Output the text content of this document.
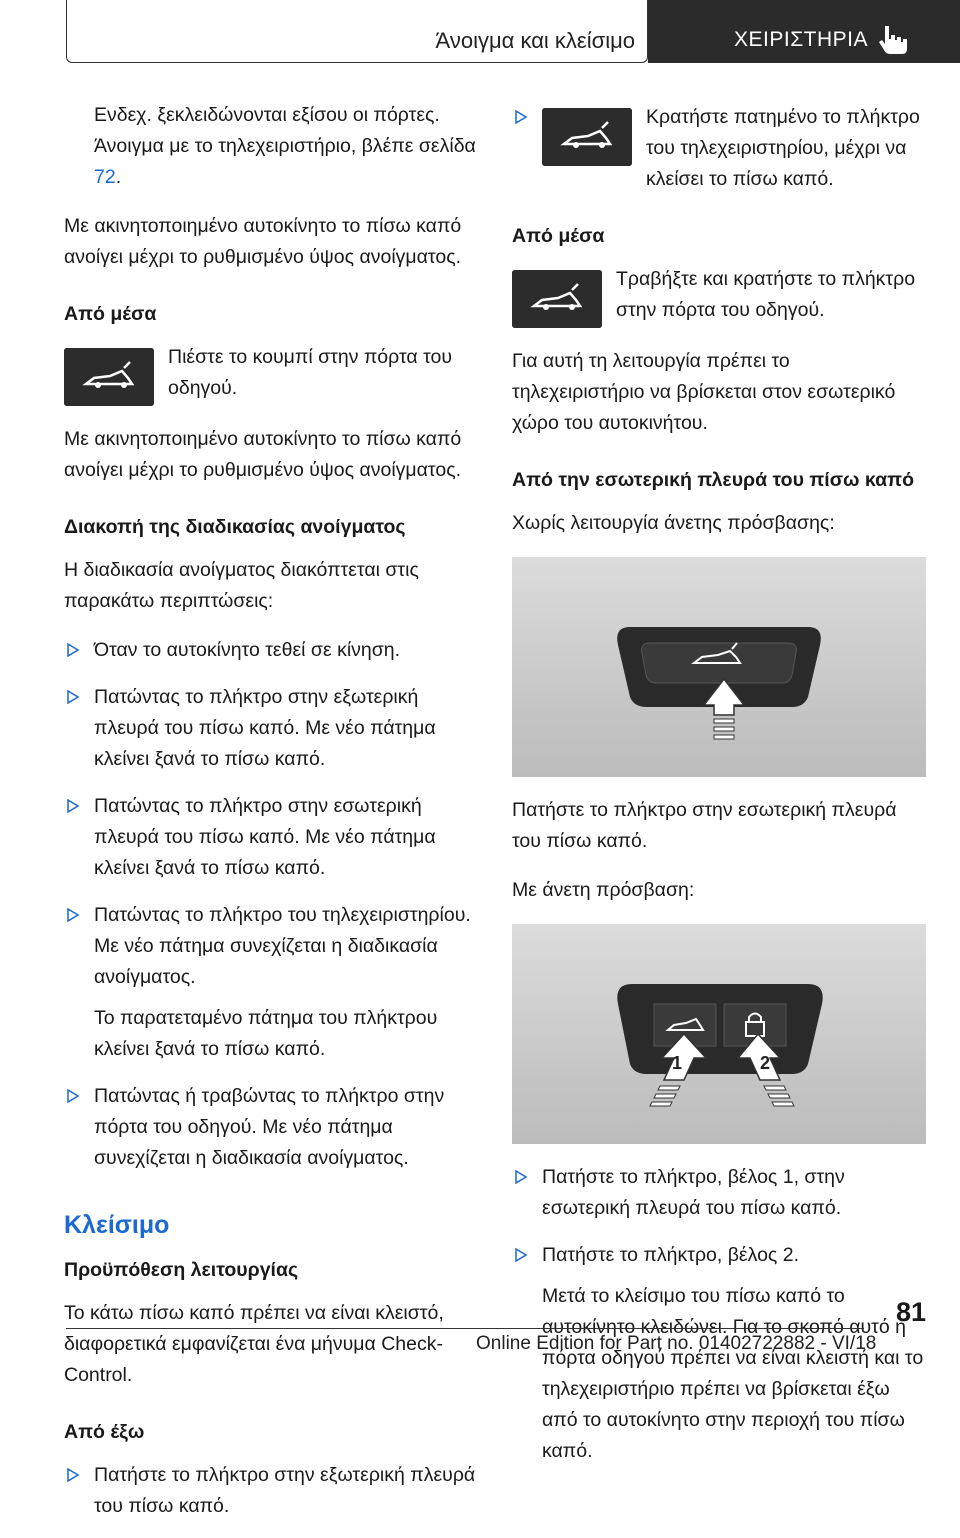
Άνοιγμα και κλείσιμο	ΧΕΙΡΙΣΤΗΡΙΑ

Ενδεχ. ξεκλειδώνονται εξίσου οι πόρτες. Άνοιγμα με το τηλεχειριστήριο, βλέπε σελίδα 72.

Με ακινητοποιημένο αυτοκίνητο το πίσω καπό ανοίγει μέχρι το ρυθμισμένο ύψος ανοίγματος.

Από μέσα
Πιέστε το κουμπί στην πόρτα του οδηγού.

Με ακινητοποιημένο αυτοκίνητο το πίσω καπό ανοίγει μέχρι το ρυθμισμένο ύψος ανοίγματος.

Διακοπή της διαδικασίας ανοίγματος

Η διαδικασία ανοίγματος διακόπτεται στις παρακάτω περιπτώσεις:

Όταν το αυτοκίνητο τεθεί σε κίνηση.
Πατώντας το πλήκτρο στην εξωτερική πλευρά του πίσω καπό. Με νέο πάτημα κλείνει ξανά το πίσω καπό.
Πατώντας το πλήκτρο στην εσωτερική πλευρά του πίσω καπό. Με νέο πάτημα κλείνει ξανά το πίσω καπό.
Πατώντας το πλήκτρο του τηλεχειριστηρίου. Με νέο πάτημα συνεχίζεται η διαδικασία ανοίγματος.
Το παρατεταμένο πάτημα του πλήκτρου κλείνει ξανά το πίσω καπό.
Πατώντας ή τραβώντας το πλήκτρο στην πόρτα του οδηγού. Με νέο πάτημα συνεχίζεται η διαδικασία ανοίγματος.
Κλείσιμο
Προϋπόθεση λειτουργίας

Το κάτω πίσω καπό πρέπει να είναι κλειστό, διαφορετικά εμφανίζεται ένα μήνυμα Check-Control.

Από έξω
Πατήστε το πλήκτρο στην εξωτερική πλευρά του πίσω καπό.
Κρατήστε πατημένο το πλήκτρο του τηλεχειριστηρίου, μέχρι να κλείσει το πίσω καπό.
Από μέσα
Τραβήξτε και κρατήστε το πλήκτρο στην πόρτα του οδηγού.

Για αυτή τη λειτουργία πρέπει το τηλεχειριστήριο να βρίσκεται στον εσωτερικό χώρο του αυτοκινήτου.

Από την εσωτερική πλευρά του πίσω καπό

Χωρίς λειτουργία άνετης πρόσβασης:

Πατήστε το πλήκτρο στην εσωτερική πλευρά του πίσω καπό.

Με άνετη πρόσβαση:

1	2
Πατήστε το πλήκτρο, βέλος 1, στην εσωτερική πλευρά του πίσω καπό.
Πατήστε το πλήκτρο, βέλος 2.
Μετά το κλείσιμο του πίσω καπό το αυτοκίνητο κλειδώνει. Για το σκοπό αυτό η πόρτα οδηγού πρέπει να είναι κλειστή και το τηλεχειριστήριο πρέπει να βρίσκεται έξω από το αυτοκίνητο στην περιοχή του πίσω καπό.
81
Online Edition for Part no. 01402722882 - VI/18
